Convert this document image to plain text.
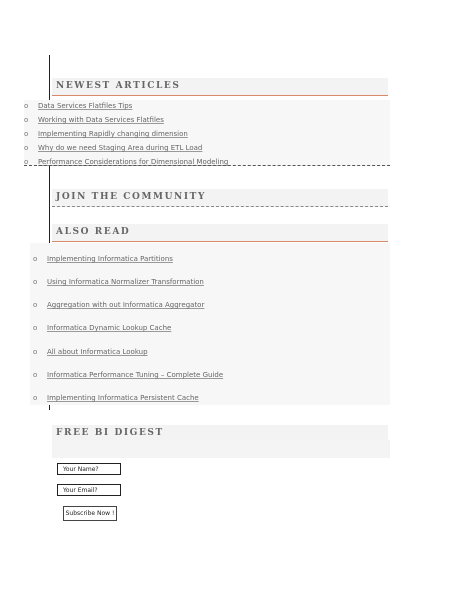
NEWEST ARTICLES
o Data Services Flatfiles Tips
o Working with Data Services Flatfiles
o Implementing Rapidly changing dimension
o Why do we need Staging Area during ETL Load
o Performance Considerations for Dimensional Modeling
JOIN THE COMMUNITY
ALSO READ
o Implementing Informatica Partitions
o Using Informatica Normalizer Transformation
o Aggregation with out Informatica Aggregator
o Informatica Dynamic Lookup Cache
o All about Informatica Lookup
o Informatica Performance Tuning – Complete Guide
o Implementing Informatica Persistent Cache
FREE BI DIGEST
Your Name?
Your Email?
Subscribe Now !
